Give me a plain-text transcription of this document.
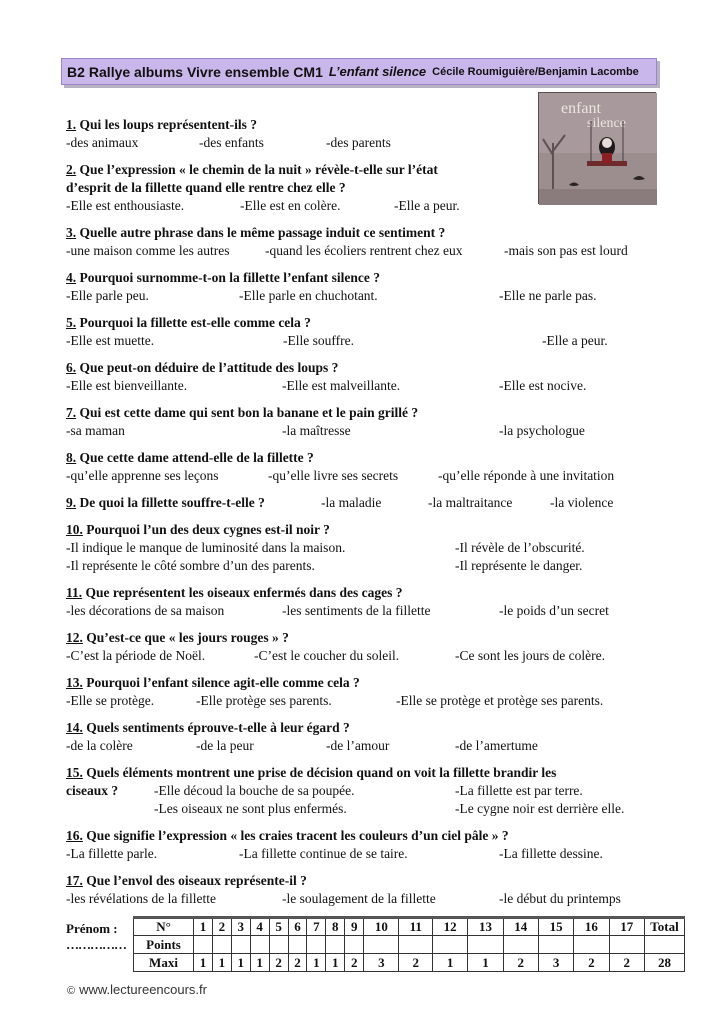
B2 Rallye albums Vivre ensemble CM1 L’enfant silence Cécile Roumiguière/Benjamin Lacombe
enfant
silence
1. Qui les loups représentent-ils ?
-des animaux	-des enfants	-des parents
2. Que l’expression « le chemin de la nuit » révèle-t-elle sur l’état
d’esprit de la fillette quand elle rentre chez elle ?
-Elle est enthousiaste.	-Elle est en colère.	-Elle a peur.
3. Quelle autre phrase dans le même passage induit ce sentiment ?
-une maison comme les autres	-quand les écoliers rentrent chez eux	-mais son pas est lourd
4. Pourquoi surnomme-t-on la fillette l’enfant silence ?
-Elle parle peu.	-Elle parle en chuchotant.	-Elle ne parle pas.
5. Pourquoi la fillette est-elle comme cela ?
-Elle est muette.	-Elle souffre.	-Elle a peur.
6. Que peut-on déduire de l’attitude des loups ?
-Elle est bienveillante.	-Elle est malveillante.	-Elle est nocive.
7. Qui est cette dame qui sent bon la banane et le pain grillé ?
-sa maman	-la maîtresse	-la psychologue
8. Que cette dame attend-elle de la fillette ?
-qu’elle apprenne ses leçons	-qu’elle livre ses secrets	-qu’elle réponde à une invitation
9. De quoi la fillette souffre-t-elle ?	-la maladie	-la maltraitance	-la violence
10. Pourquoi l’un des deux cygnes est-il noir ?
-Il indique le manque de luminosité dans la maison.	-Il révèle de l’obscurité.
-Il représente le côté sombre d’un des parents.	-Il représente le danger.
11. Que représentent les oiseaux enfermés dans des cages ?
-les décorations de sa maison	-les sentiments de la fillette	-le poids d’un secret
12. Qu’est-ce que « les jours rouges » ?
-C’est la période de Noël.	-C’est le coucher du soleil.	-Ce sont les jours de colère.
13. Pourquoi l’enfant silence agit-elle comme cela ?
-Elle se protège.	-Elle protège ses parents.	-Elle se protège et protège ses parents.
14. Quels sentiments éprouve-t-elle à leur égard ?
-de la colère	-de la peur	-de l’amour	-de l’amertume
15. Quels éléments montrent une prise de décision quand on voit la fillette brandir les
ciseaux ?	-Elle découd la bouche de sa poupée.	-La fillette est par terre.
-Les oiseaux ne sont plus enfermés.	-Le cygne noir est derrière elle.
16. Que signifie l’expression « les craies tracent les couleurs d’un ciel pâle » ?
-La fillette parle.	-La fillette continue de se taire.	-La fillette dessine.
17. Que l’envol des oiseaux représente-il ?
-les révélations de la fillette	-le soulagement de la fillette	-le début du printemps
Prénom :
……………
N°	1	2	3	4	5	6	7	8	9	10	11	12	13	14	15	16	17	Total
Points																		
Maxi	1	1	1	1	2	2	1	1	2	3	2	1	1	2	3	2	2	28
© www.lectureencours.fr
